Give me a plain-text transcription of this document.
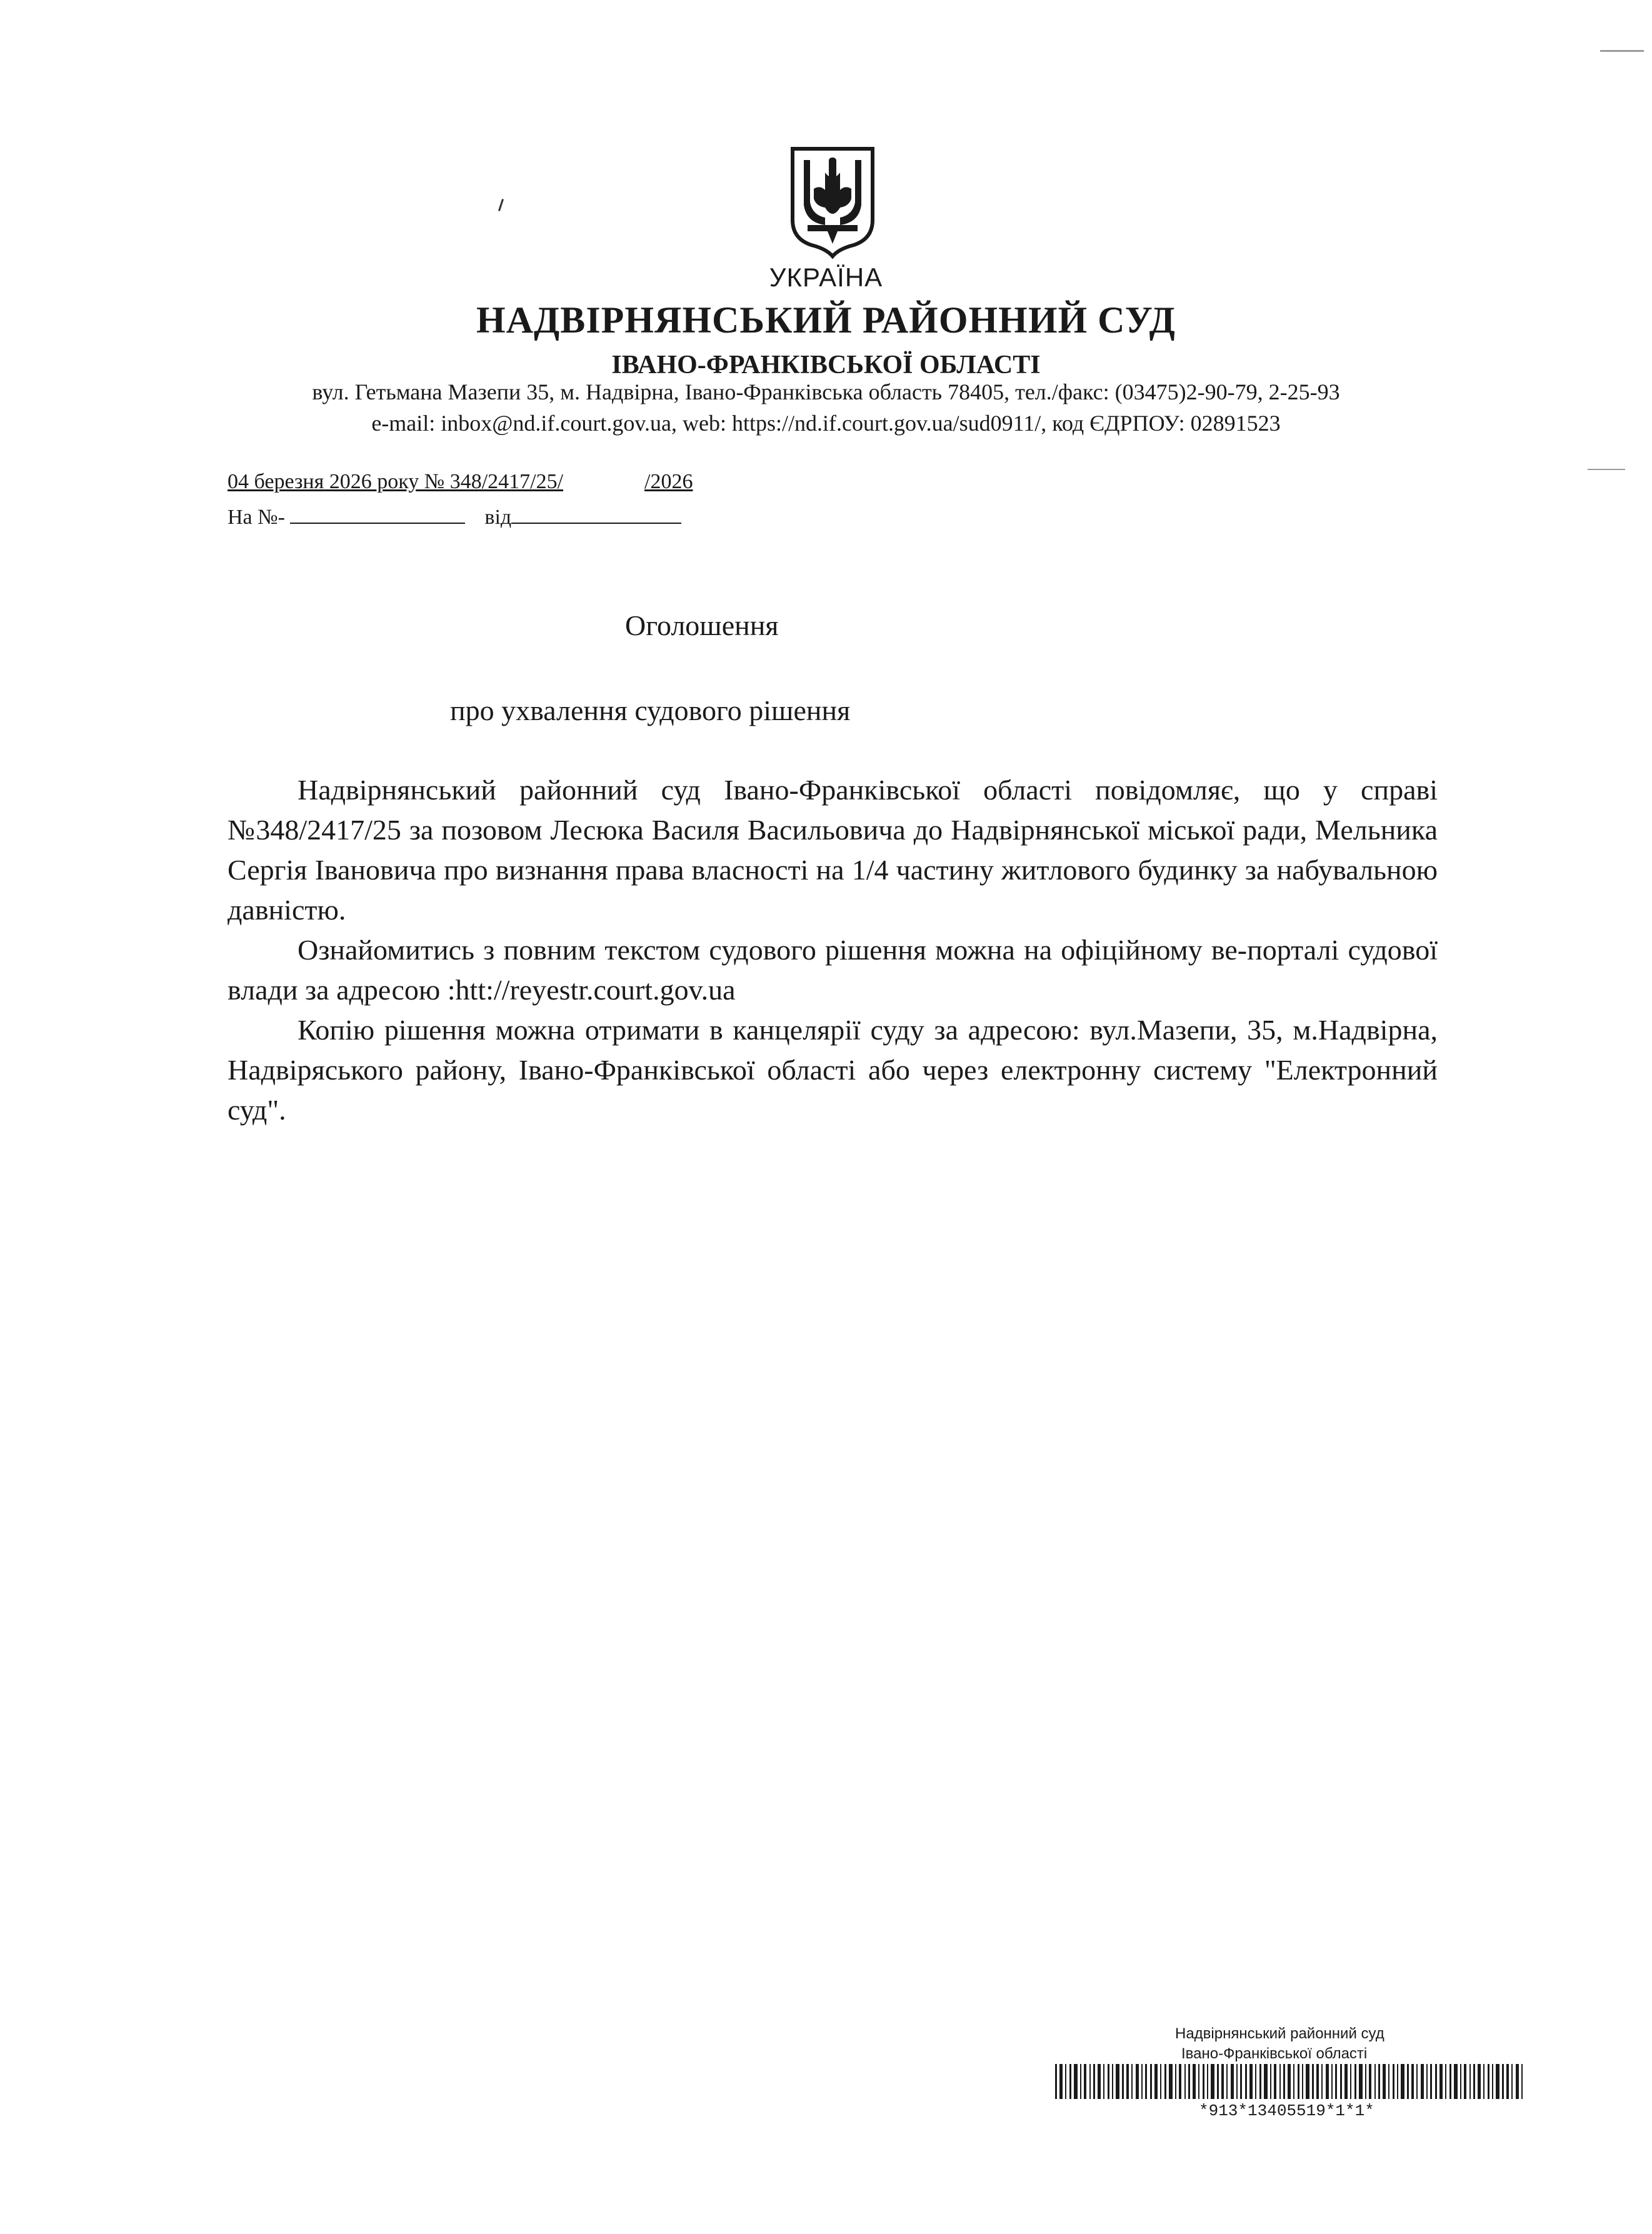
УКРАЇНА
НАДВІРНЯНСЬКИЙ РАЙОННИЙ СУД
ІВАНО-ФРАНКІВСЬКОЇ ОБЛАСТІ
вул. Гетьмана Мазепи 35, м. Надвірна, Івано-Франківська область 78405, тел./факс: (03475)2-90-79, 2-25-93
e-mail: inbox@nd.if.court.gov.ua, web: https://nd.if.court.gov.ua/sud0911/, код ЄДРПОУ: 02891523
04 березня 2026 року № 348/2417/25/	/2026
На №-	від
Оголошення
про ухвалення судового рішення

Надвірнянський районний суд Івано-Франківської області повідомляє, що у справі №348/2417/25 за позовом Лесюка Василя Васильовича до Надвірнянської міської ради, Мельника Сергія Івановича про визнання права власності на 1/4 частину житлового будинку за набувальною давністю.

Ознайомитись з повним текстом судового рішення можна на офіційному ве-порталі судової влади за адресою :htt://reyestr.court.gov.ua

Копію рішення можна отримати в канцелярії суду за адресою: вул.Мазепи, 35, м.Надвірна, Надвіряського району, Івано-Франківської області або через електронну систему "Електронний суд".

Надвірнянський районний суд
Івано-Франківської області
*913*13405519*1*1*
